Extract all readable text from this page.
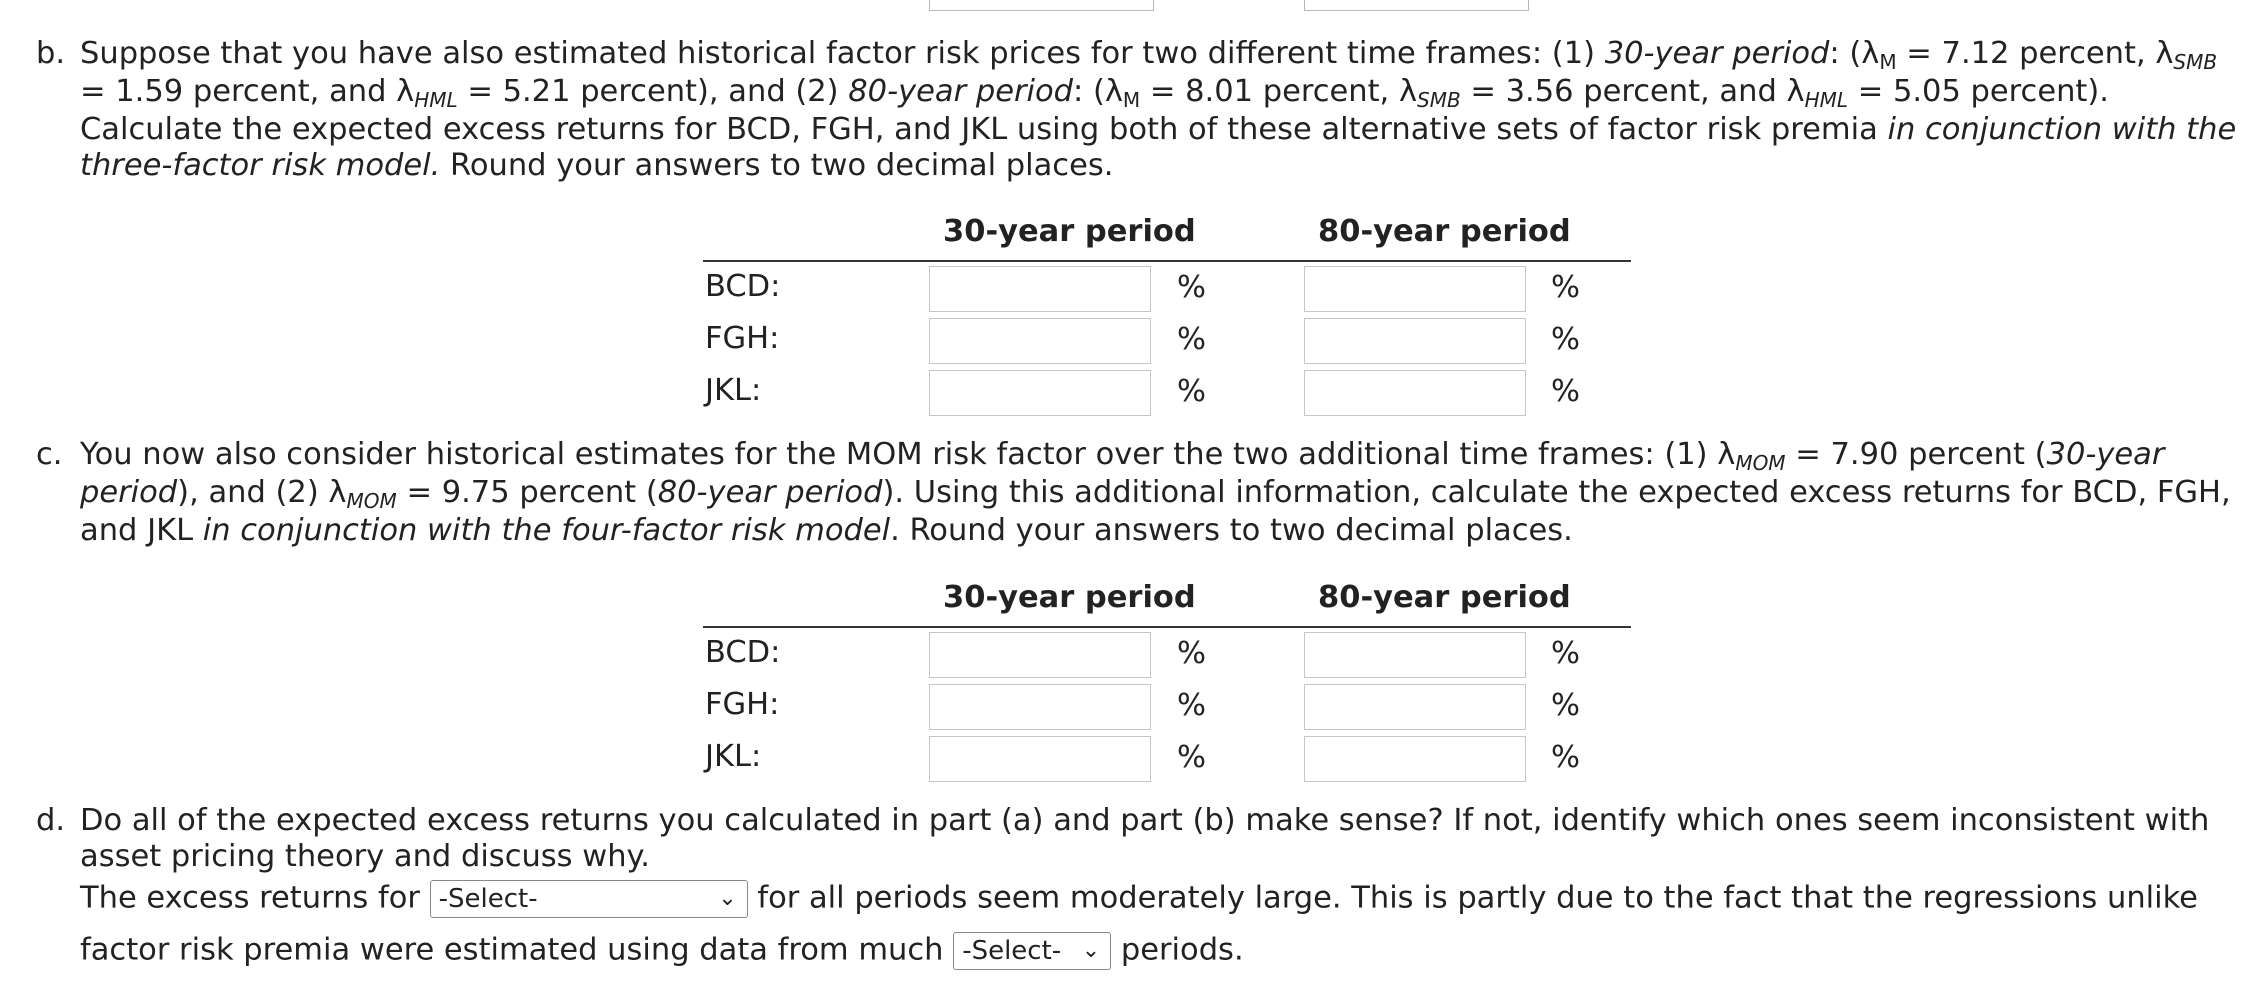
b. Suppose that you have also estimated historical factor risk prices for two different time frames: (1) 30-year period: (λM = 7.12 percent, λSMB = 1.59 percent, and λHML = 5.21 percent), and (2) 80-year period: (λM = 8.01 percent, λSMB = 3.56 percent, and λHML = 5.05 percent). Calculate the expected excess returns for BCD, FGH, and JKL using both of these alternative sets of factor risk premia in conjunction with the three-factor risk model. Round your answers to two decimal places.
30-year period	80-year period
BCD:	%	%
FGH:	%	%
JKL:	%	%
c. You now also consider historical estimates for the MOM risk factor over the two additional time frames: (1) λMOM = 7.90 percent (30-year period), and (2) λMOM = 9.75 percent (80-year period). Using this additional information, calculate the expected excess returns for BCD, FGH, and JKL in conjunction with the four-factor risk model. Round your answers to two decimal places.
30-year period	80-year period
BCD:	%	%
FGH:	%	%
JKL:	%	%
d. Do all of the expected excess returns you calculated in part (a) and part (b) make sense? If not, identify which ones seem inconsistent with asset pricing theory and discuss why.
The excess returns for -Select-	⌄ for all periods seem moderately large. This is partly due to the fact that the regressions unlike
factor risk premia were estimated using data from much -Select- ⌄ periods.
